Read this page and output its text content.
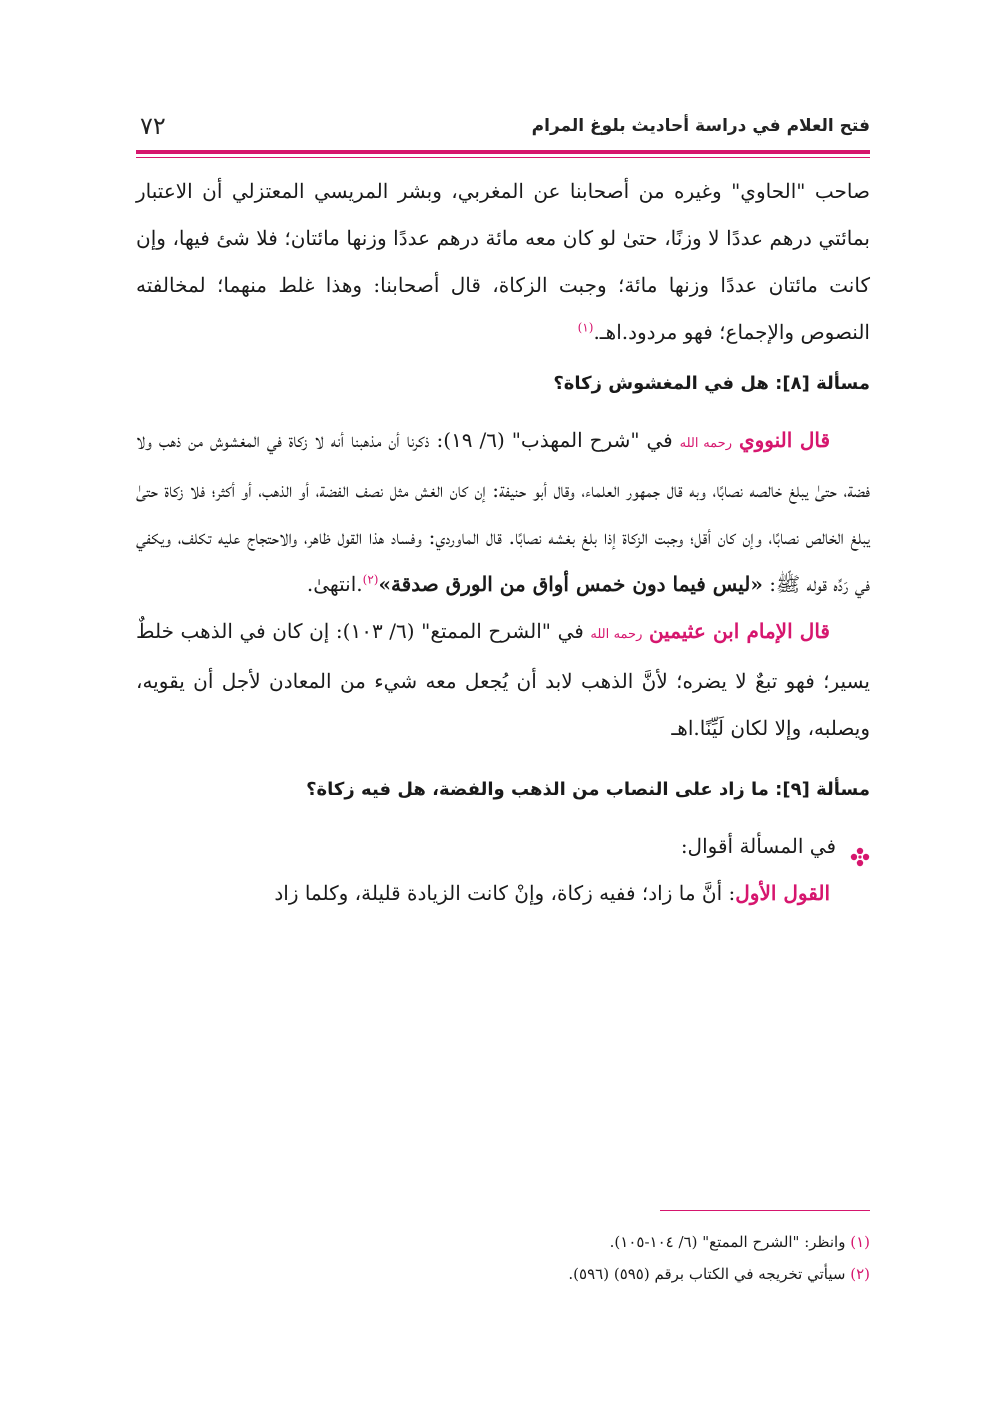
فتح العلام في دراسة أحاديث بلوغ المرام
٧٢

صاحب "الحاوي" وغيره من أصحابنا عن المغربي، وبشر المريسي المعتزلي أن الاعتبار بمائتي درهم عددًا لا وزنًا، حتىٰ لو كان معه مائة درهم عددًا وزنها مائتان؛ فلا شئ فيها، وإن كانت مائتان عددًا وزنها مائة؛ وجبت الزكاة، قال أصحابنا: وهذا غلط منهما؛ لمخالفته النصوص والإجماع؛ فهو مردود.اهـ.$^{(١)}$

مسألة [٨]: هل في المغشوش زكاة؟

قال النووي رحمه الله في "شرح المهذب" (٦/ ١٩): ذكرنا أن مذهبنا أنه لا زكاة في المغشوش من ذهب ولا فضة، حتىٰ يبلغ خالصه نصابًا، وبه قال جمهور العلماء، وقال أبو حنيفة: إن كان الغش مثل نصف الفضة، أو الذهب، أو أكثر؛ فلا زكاة حتىٰ يبلغ الخالص نصابًا، وإن كان أقل؛ وجبت الزكاة إذا بلغ بغشه نصابًا. قال الماوردي: وفساد هذا القول ظاهر، والاحتجاج عليه تكلف، ويكفي في رَدِّه قوله ﷺ: «ليس فيما دون خمس أواق من الورق صدقة»$^{(٢)}$.انتهىٰ.

قال الإمام ابن عثيمين رحمه الله في "الشرح الممتع" (٦/ ١٠٣): إن كان في الذهب خلطٌ يسير؛ فهو تبعٌ لا يضره؛ لأنَّ الذهب لابد أن يُجعل معه شيء من المعادن لأجل أن يقويه، ويصلبه، وإلا لكان لَيِّنًا.اهـ

مسألة [٩]: ما زاد على النصاب من الذهب والفضة، هل فيه زكاة؟
في المسألة أقوال:

القول الأول: أنَّ ما زاد؛ ففيه زكاة، وإنْ كانت الزيادة قليلة، وكلما زاد

(١) وانظر: "الشرح الممتع" (٦/ ١٠٤-١٠٥).
(٢) سيأتي تخريجه في الكتاب برقم (٥٩٥) (٥٩٦).
